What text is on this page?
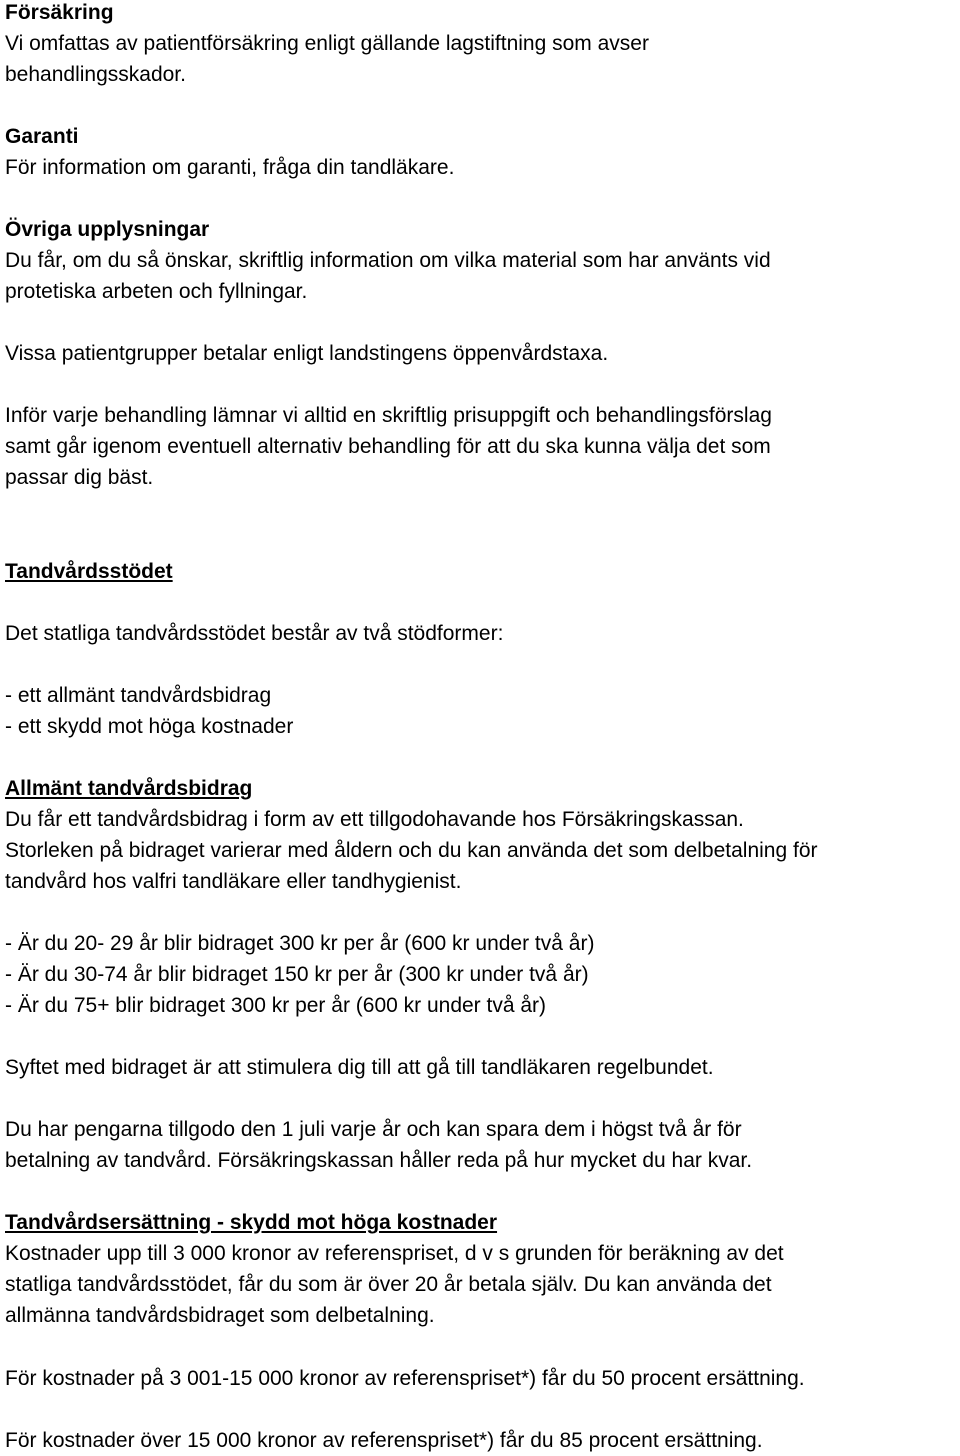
Försäkring
Vi omfattas av patientförsäkring enligt gällande lagstiftning som avser
behandlingsskador.
Garanti
För information om garanti, fråga din tandläkare.
Övriga upplysningar
Du får, om du så önskar, skriftlig information om vilka material som har använts vid
protetiska arbeten och fyllningar.
Vissa patientgrupper betalar enligt landstingens öppenvårdstaxa.
Inför varje behandling lämnar vi alltid en skriftlig prisuppgift och behandlingsförslag
samt går igenom eventuell alternativ behandling för att du ska kunna välja det som
passar dig bäst.
Tandvårdsstödet
Det statliga tandvårdsstödet består av två stödformer:
- ett allmänt tandvårdsbidrag
- ett skydd mot höga kostnader
Allmänt tandvårdsbidrag
Du får ett tandvårdsbidrag i form av ett tillgodohavande hos Försäkringskassan.
Storleken på bidraget varierar med åldern och du kan använda det som delbetalning för
tandvård hos valfri tandläkare eller tandhygienist.
- Är du 20- 29 år blir bidraget 300 kr per år (600 kr under två år)
- Är du 30-74 år blir bidraget 150 kr per år (300 kr under två år)
- Är du 75+ blir bidraget 300 kr per år (600 kr under två år)
Syftet med bidraget är att stimulera dig till att gå till tandläkaren regelbundet.
Du har pengarna tillgodo den 1 juli varje år och kan spara dem i högst två år för
betalning av tandvård. Försäkringskassan håller reda på hur mycket du har kvar.
Tandvårdsersättning - skydd mot höga kostnader
Kostnader upp till 3 000 kronor av referenspriset, d v s grunden för beräkning av det
statliga tandvårdsstödet, får du som är över 20 år betala själv. Du kan använda det
allmänna tandvårdsbidraget som delbetalning.
För kostnader på 3 001-15 000 kronor av referenspriset*) får du 50 procent ersättning.
För kostnader över 15 000 kronor av referenspriset*) får du 85 procent ersättning.
